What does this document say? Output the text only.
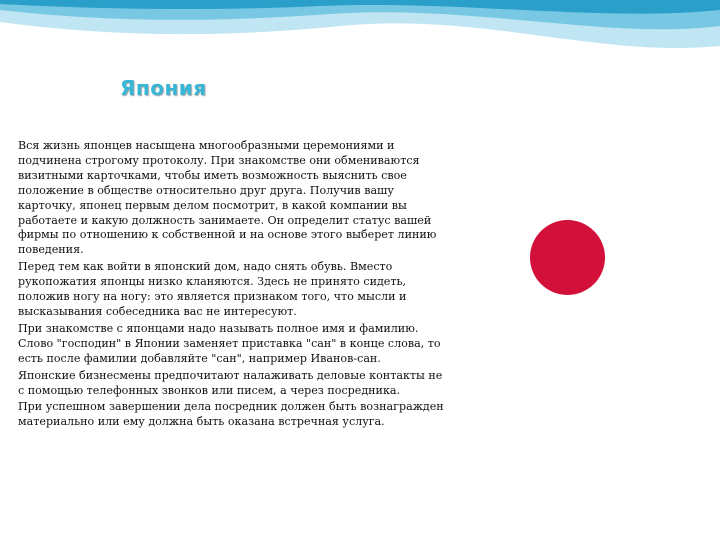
Япония

Вся жизнь японцев насыщена многообразными церемониями и подчинена строгому протоколу. При знакомстве они обмениваются визитными карточками, чтобы иметь возможность выяснить свое положение в обществе относительно друг друга. Получив вашу карточку, японец первым делом посмотрит, в какой компании вы работаете и какую должность занимаете. Он определит статус вашей фирмы по отношению к собственной и на основе этого выберет линию поведения.

Перед тем как войти в японский дом, надо снять обувь. Вместо рукопожатия японцы низко кланяются. Здесь не принято сидеть, положив ногу на ногу: это является признаком того, что мысли и высказывания собеседника вас не интересуют.

При знакомстве с японцами надо называть полное имя и фамилию. Слово "господин" в Японии заменяет приставка "сан" в конце слова, то есть после фамилии добавляйте "сан", например Иванов-сан.

Японские бизнесмены предпочитают налаживать деловые контакты не с помощью телефонных звонков или писем, а через посредника.

При успешном завершении дела посредник должен быть вознагражден материально или ему должна быть оказана встречная услуга.
